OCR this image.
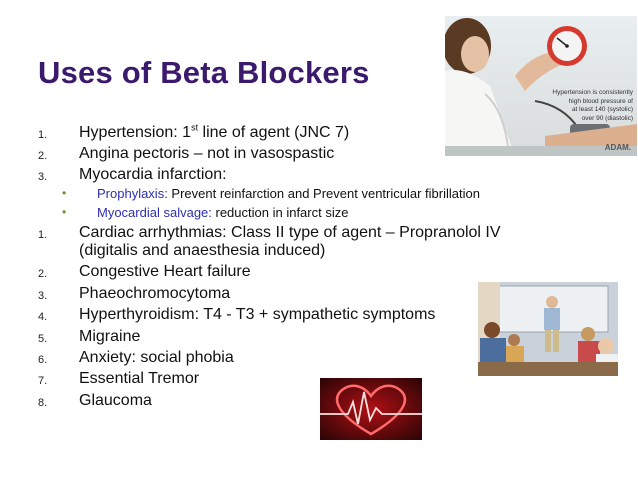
Uses of Beta Blockers
1. Hypertension: 1st line of agent (JNC 7)
2. Angina pectoris – not in vasospastic
3. Myocardia infarction:
• Prophylaxis: Prevent reinfarction and Prevent ventricular fibrillation
• Myocardial salvage: reduction in infarct size
1. Cardiac arrhythmias: Class II type of agent – Propranolol IV
(digitalis and anaesthesia induced)
2. Congestive Heart failure
3. Phaeochromocytoma
4. Hyperthyroidism: T4 - T3 + sympathetic symptoms
5. Migraine
6. Anxiety: social phobia
7. Essential Tremor
8. Glaucoma
Hypertension is consistently
high blood pressure of
at least 140 (systolic)
over 90 (diastolic)
ADAM.
